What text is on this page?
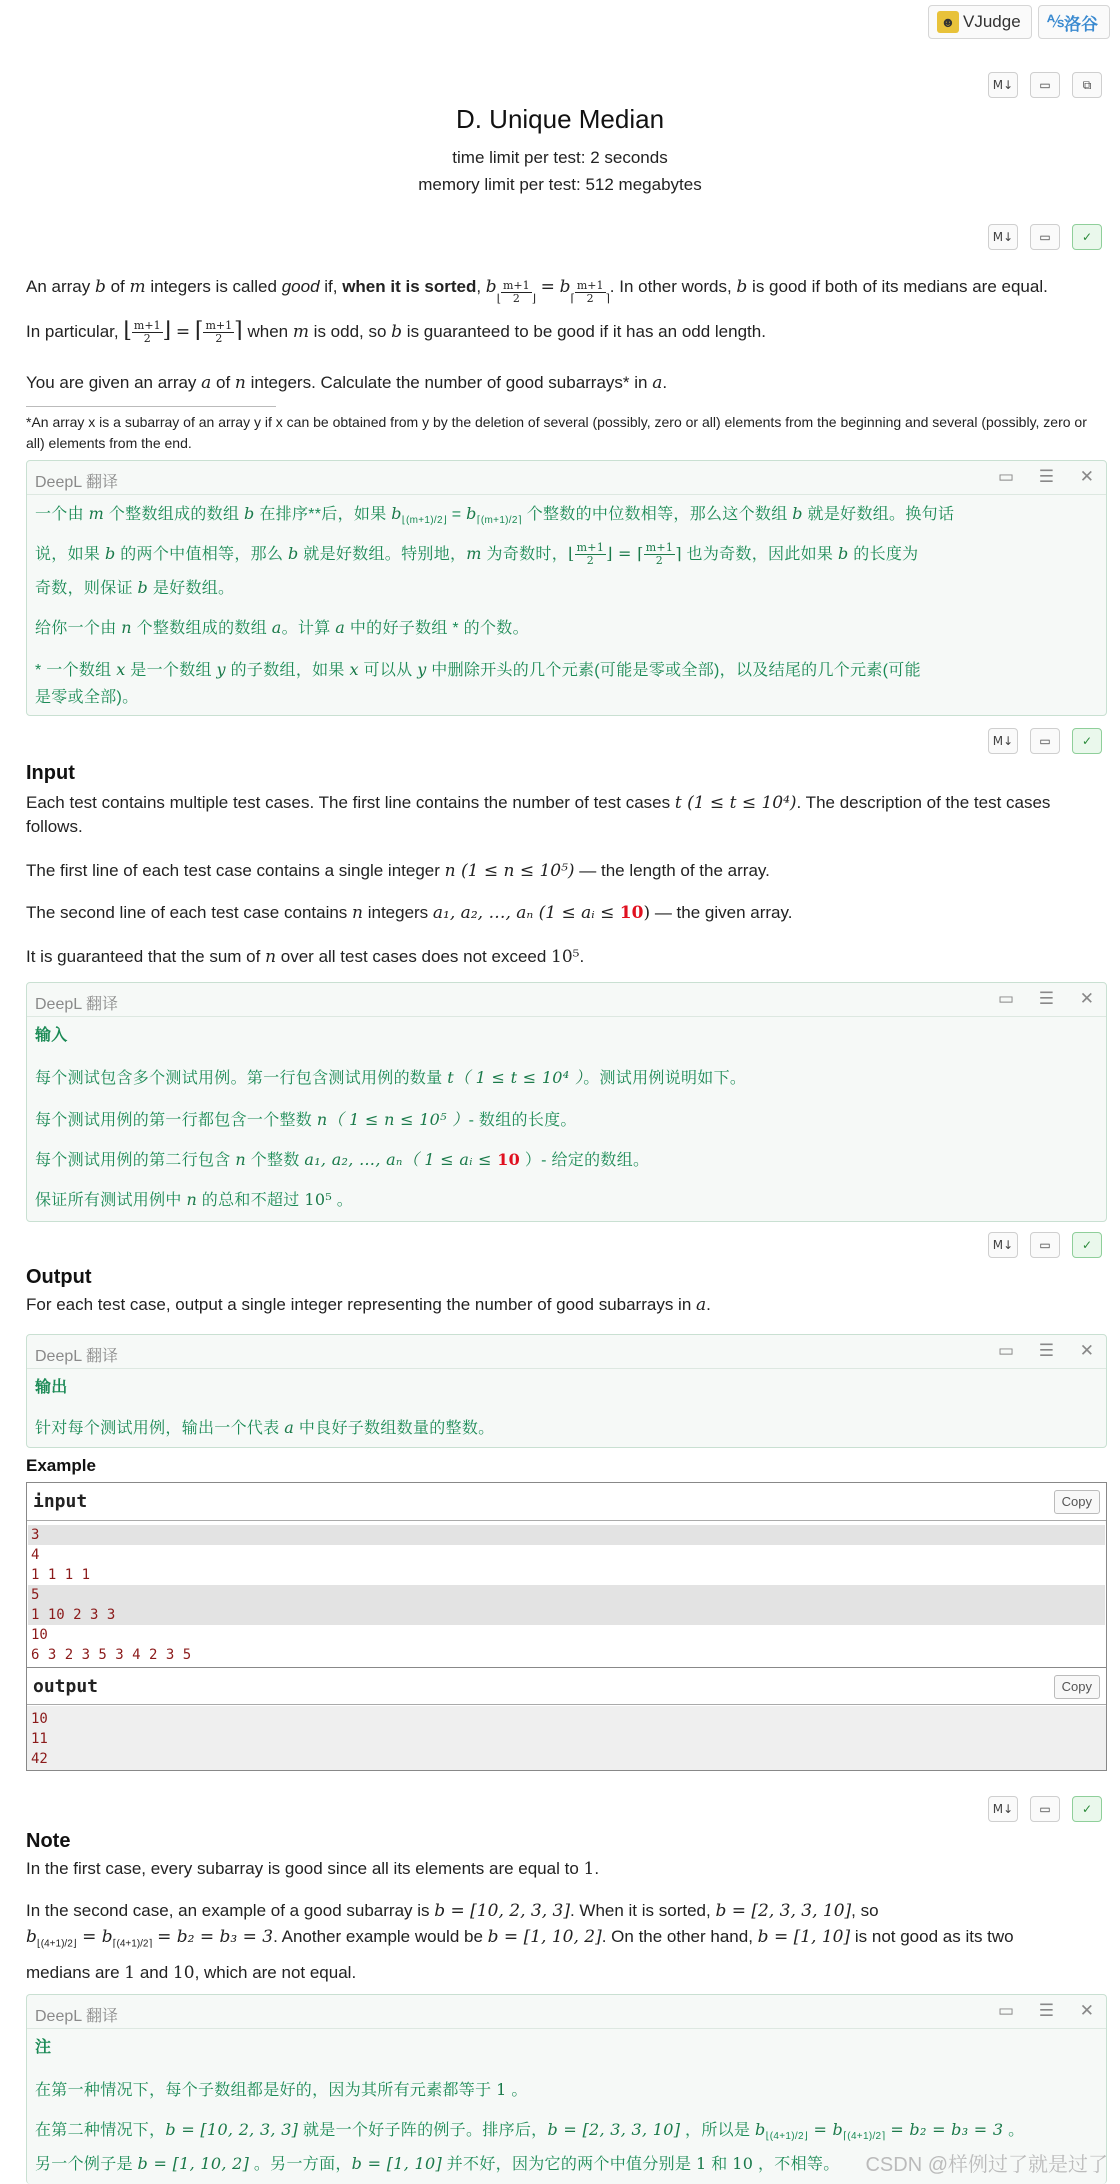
☻ VJudge ⅍ 洛谷
M↓	▭	⧉
D. Unique Median
time limit per test: 2 seconds
memory limit per test: 512 megabytes
M↓	▭	✓
An array b of m integers is called good if, when it is sorted, b⌊ $\frac{m+1}{2}$ ⌋ = b⌈ $\frac{m+1}{2}$ ⌉. In other words, b is good if both of its medians are equal.
In particular, ⌊ $\frac{m+1}{2}$ ⌋ = ⌈ $\frac{m+1}{2}$ ⌉ when m is odd, so b is guaranteed to be good if it has an odd length.
You are given an array a of n integers. Calculate the number of good subarrays* in a.
*An array x is a subarray of an array y if x can be obtained from y by the deletion of several (possibly, zero or all) elements from the beginning and several (possibly, zero or all) elements from the end.
DeepL 翻译	▭ ☰ ✕
一个由 m 个整数组成的数组 b 在排序**后，如果 $b_{⌊(m+1)/2⌋} = b_{⌈(m+1)/2⌉}$ 个整数的中位数相等，那么这个数组 b 就是好数组。换句话
说，如果 b 的两个中值相等，那么 b 就是好数组。特别地，m 为奇数时，⌊ $\frac{m+1}{2}$ ⌋ = ⌈ $\frac{m+1}{2}$ ⌉ 也为奇数，因此如果 b 的长度为
奇数，则保证 b 是好数组。
给你一个由 n 个整数组成的数组 a。计算 a 中的好子数组 * 的个数。
* 一个数组 x 是一个数组 y 的子数组，如果 x 可以从 y 中删除开头的几个元素(可能是零或全部)，以及结尾的几个元素(可能
是零或全部)。
M↓	▭	✓
Input
Each test contains multiple test cases. The first line contains the number of test cases t (1 ≤ t ≤ 10⁴). The description of the test cases
follows.
The first line of each test case contains a single integer n (1 ≤ n ≤ 10⁵) — the length of the array.
The second line of each test case contains n integers a₁, a₂, …, aₙ (1 ≤ aᵢ ≤ 10) — the given array.
It is guaranteed that the sum of n over all test cases does not exceed 10⁵.
DeepL 翻译	▭ ☰ ✕
输入
每个测试包含多个测试用例。第一行包含测试用例的数量 t（ 1 ≤ t ≤ 10⁴ ）。测试用例说明如下。
每个测试用例的第一行都包含一个整数 n（ 1 ≤ n ≤ 10⁵ ）- 数组的长度。
每个测试用例的第二行包含 n 个整数 a₁, a₂, …, aₙ（ 1 ≤ aᵢ ≤ 10 ）- 给定的数组。
保证所有测试用例中 n 的总和不超过 10⁵ 。
M↓	▭	✓
Output
For each test case, output a single integer representing the number of good subarrays in a.
DeepL 翻译	▭ ☰ ✕
输出
针对每个测试用例，输出一个代表 a 中良好子数组数量的整数。
Example
input	Copy
3
4
1 1 1 1
5
1 10 2 3 3
10
6 3 2 3 5 3 4 2 3 5
output	Copy
10
11
42
M↓	▭	✓
Note
In the first case, every subarray is good since all its elements are equal to 1.
In the second case, an example of a good subarray is b = [10, 2, 3, 3]. When it is sorted, b = [2, 3, 3, 10], so
$b_{⌊(4+1)/2⌋} = b_{⌈(4+1)/2⌉} = b_2 = b_3 = 3$. Another example would be b = [1, 10, 2]. On the other hand, b = [1, 10] is not good as its two
medians are 1 and 10, which are not equal.
DeepL 翻译	▭ ☰ ✕
注
在第一种情况下，每个子数组都是好的，因为其所有元素都等于 1 。
在第二种情况下，b = [10, 2, 3, 3] 就是一个好子阵的例子。排序后，b = [2, 3, 3, 10] ，所以是 $b_{⌊(4+1)/2⌋} = b_{⌈(4+1)/2⌉} = b_2 = b_3 = 3$ 。
另一个例子是 b = [1, 10, 2] 。另一方面，b = [1, 10] 并不好，因为它的两个中值分别是 1 和 10 ，不相等。	CSDN @样例过了就是过了
